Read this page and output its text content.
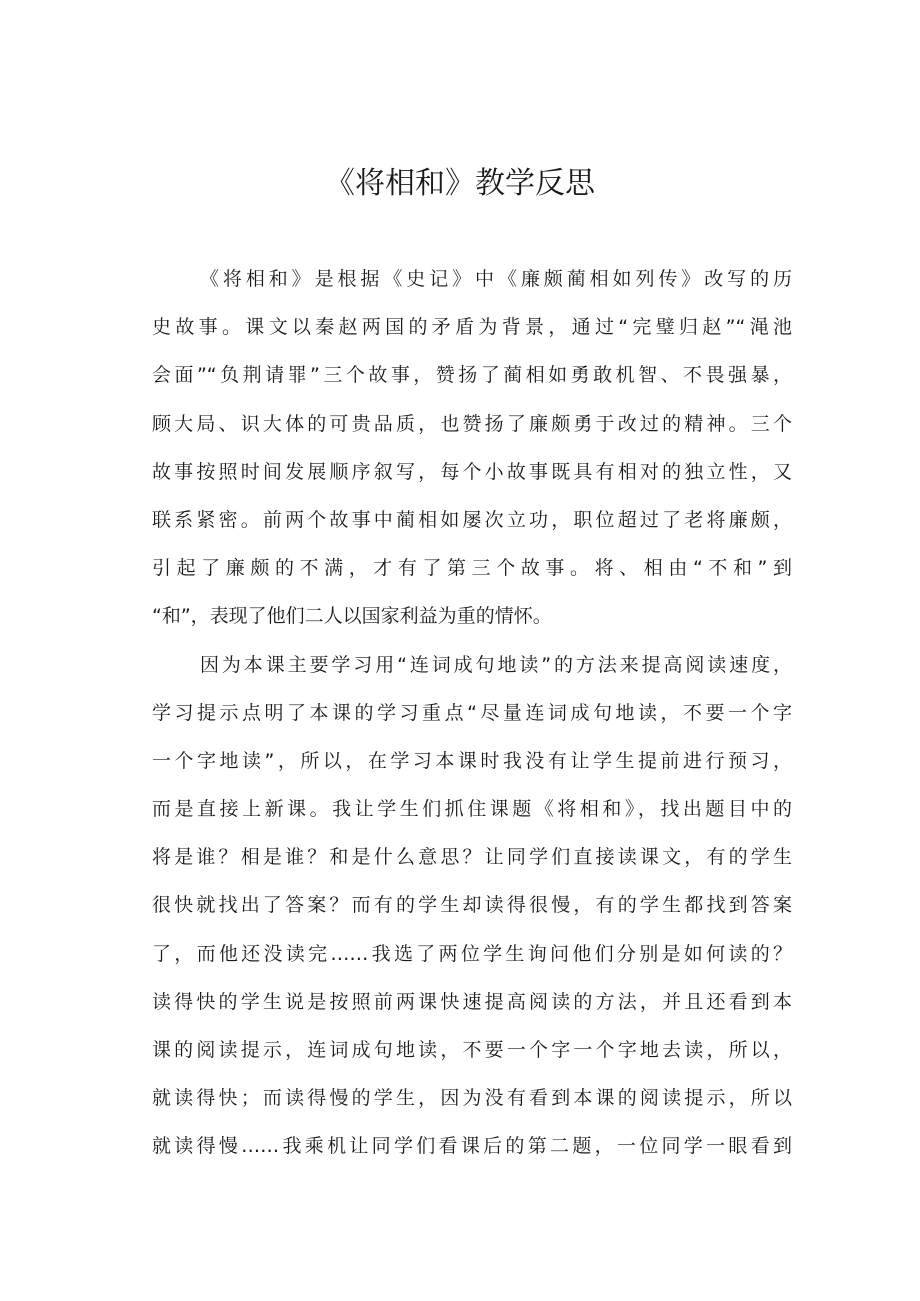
《将相和》教学反思
《将相和》是根据《史记》中《廉颇蔺相如列传》改写的历
史故事。课文以秦赵两国的矛盾为背景，通过“完璧归赵”“渑池
会面”“负荆请罪”三个故事，赞扬了蔺相如勇敢机智、不畏强暴，
顾大局、识大体的可贵品质，也赞扬了廉颇勇于改过的精神。三个
故事按照时间发展顺序叙写，每个小故事既具有相对的独立性，又
联系紧密。前两个故事中蔺相如屡次立功，职位超过了老将廉颇，
引起了廉颇的不满，才有了第三个故事。将、相由“不和”到
“和”，表现了他们二人以国家利益为重的情怀。
因为本课主要学习用“连词成句地读”的方法来提高阅读速度，
学习提示点明了本课的学习重点“尽量连词成句地读，不要一个字
一个字地读”，所以，在学习本课时我没有让学生提前进行预习，
而是直接上新课。我让学生们抓住课题《将相和》，找出题目中的
将是谁？相是谁？和是什么意思？让同学们直接读课文，有的学生
很快就找出了答案？而有的学生却读得很慢，有的学生都找到答案
了，而他还没读完……我选了两位学生询问他们分别是如何读的？
读得快的学生说是按照前两课快速提高阅读的方法，并且还看到本
课的阅读提示，连词成句地读，不要一个字一个字地去读，所以，
就读得快；而读得慢的学生，因为没有看到本课的阅读提示，所以
就读得慢……我乘机让同学们看课后的第二题，一位同学一眼看到
